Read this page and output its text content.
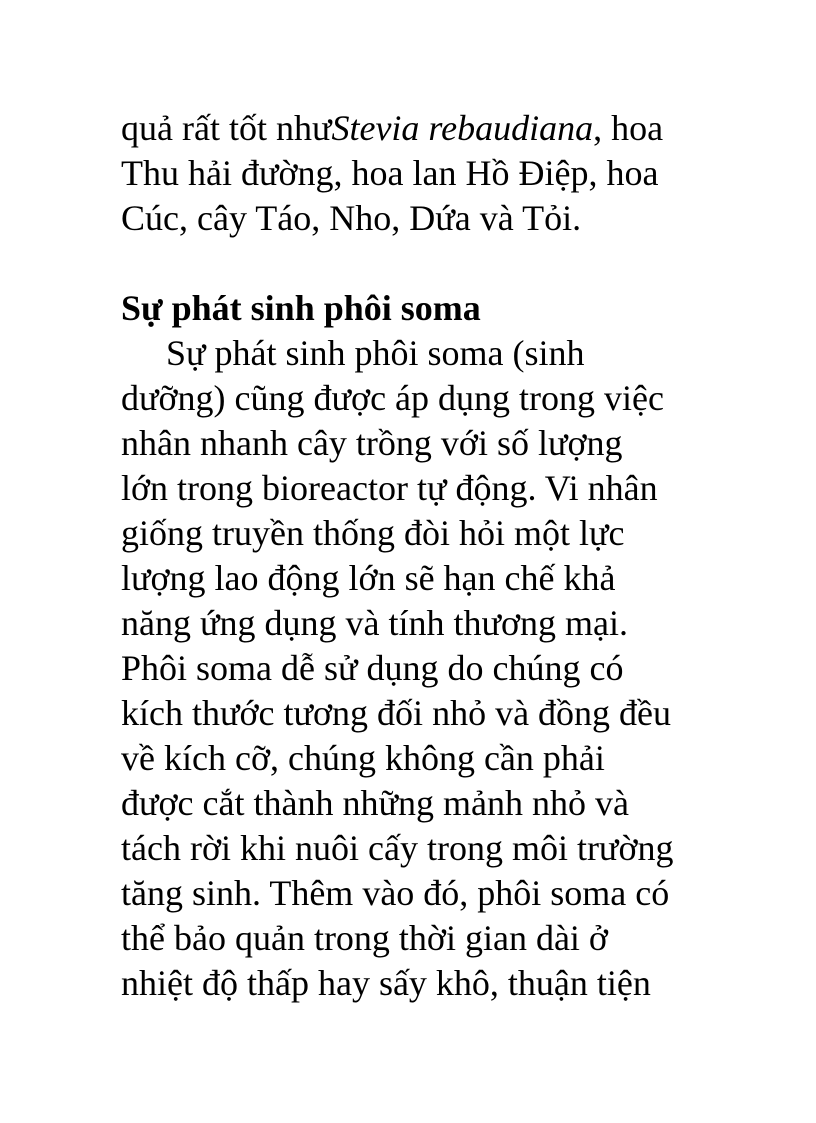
quả rất tốt nhưStevia rebaudiana, hoa
Thu hải đường, hoa lan Hồ Điệp, hoa
Cúc, cây Táo, Nho, Dứa và Tỏi.
Sự phát sinh phôi soma
Sự phát sinh phôi soma (sinh
dưỡng) cũng được áp dụng trong việc
nhân nhanh cây trồng với số lượng
lớn trong bioreactor tự động. Vi nhân
giống truyền thống đòi hỏi một lực
lượng lao động lớn sẽ hạn chế khả
năng ứng dụng và tính thương mại.
Phôi soma dễ sử dụng do chúng có
kích thước tương đối nhỏ và đồng đều
về kích cỡ, chúng không cần phải
được cắt thành những mảnh nhỏ và
tách rời khi nuôi cấy trong môi trường
tăng sinh. Thêm vào đó, phôi soma có
thể bảo quản trong thời gian dài ở
nhiệt độ thấp hay sấy khô, thuận tiện
